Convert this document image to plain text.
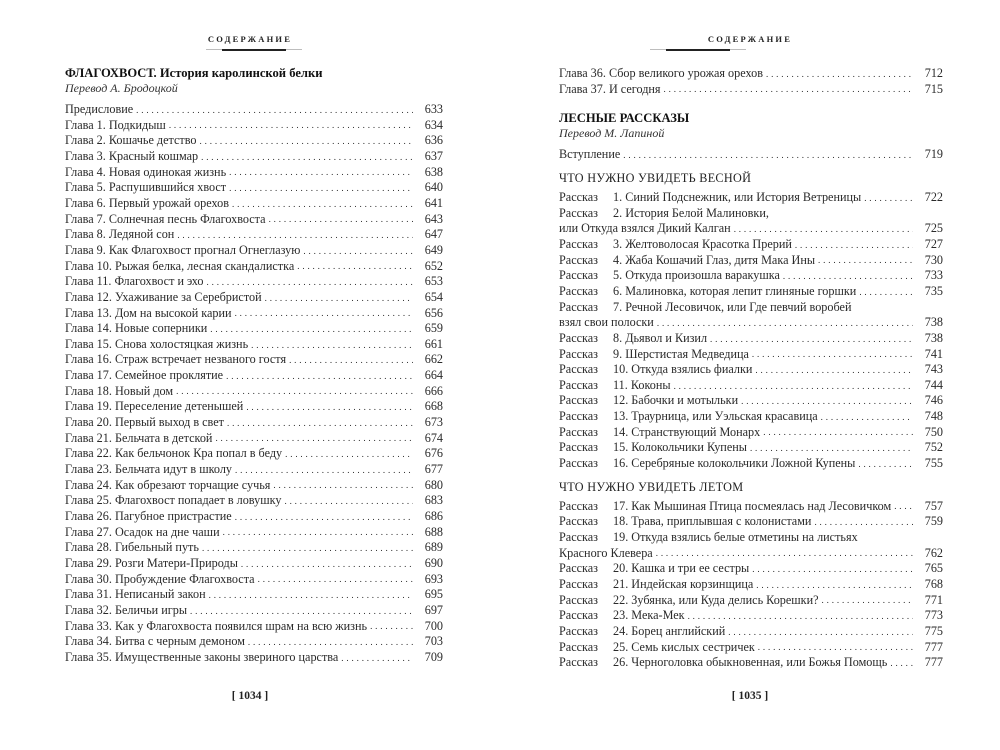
СОДЕРЖАНИЕ
ФЛАГОХВОСТ. История каролинской белки
Перевод А. Бродоцкой
Предисловие . . .	633
Глава 1. Подкидыш . . .	634
Глава 2. Кошачье детство . . .	636
Глава 3. Красный кошмар . . .	637
Глава 4. Новая одинокая жизнь . . .	638
Глава 5. Распушившийся хвост . . .	640
Глава 6. Первый урожай орехов . . .	641
Глава 7. Солнечная песнь Флагохвоста . . .	643
Глава 8. Ледяной сон . . .	647
Глава 9. Как Флагохвост прогнал Огнеглазую . . .	649
Глава 10. Рыжая белка, лесная скандалистка . . .	652
Глава 11. Флагохвост и эхо . . .	653
Глава 12. Ухаживание за Серебристой . . .	654
Глава 13. Дом на высокой карии . . .	656
Глава 14. Новые соперники . . .	659
Глава 15. Снова холостяцкая жизнь . . .	661
Глава 16. Страж встречает незваного гостя . . .	662
Глава 17. Семейное проклятие . . .	664
Глава 18. Новый дом . . .	666
Глава 19. Переселение детенышей . . .	668
Глава 20. Первый выход в свет . . .	673
Глава 21. Бельчата в детской . . .	674
Глава 22. Как бельчонок Кра попал в беду . . .	676
Глава 23. Бельчата идут в школу . . .	677
Глава 24. Как обрезают торчащие сучья . . .	680
Глава 25. Флагохвост попадает в ловушку . . .	683
Глава 26. Пагубное пристрастие . . .	686
Глава 27. Осадок на дне чаши . . .	688
Глава 28. Гибельный путь . . .	689
Глава 29. Розги Матери-Природы . . .	690
Глава 30. Пробуждение Флагохвоста . . .	693
Глава 31. Неписаный закон . . .	695
Глава 32. Беличьи игры . . .	697
Глава 33. Как у Флагохвоста появился шрам на всю жизнь . . .	700
Глава 34. Битва с черным демоном . . .	703
Глава 35. Имущественные законы звериного царства . . .	709
[ 1034 ]
СОДЕРЖАНИЕ
Глава 36. Сбор великого урожая орехов . . .	712
Глава 37. И сегодня . . .	715
ЛЕСНЫЕ РАССКАЗЫ
Перевод М. Лапиной
Вступление . . .	719
ЧТО НУЖНО УВИДЕТЬ ВЕСНОЙ
Рассказ 1. Синий Подснежник, или История Ветреницы . . .	722
Рассказ 2. История Белой Малиновки,
или Откуда взялся Дикий Калган . . .	725
Рассказ 3. Желтоволосая Красотка Прерий . . .	727
Рассказ 4. Жаба Кошачий Глаз, дитя Мака Ины . . .	730
Рассказ 5. Откуда произошла варакушка . . .	733
Рассказ 6. Малиновка, которая лепит глиняные горшки . . .	735
Рассказ 7. Речной Лесовичок, или Где певчий воробей
взял свои полоски . . .	738
Рассказ 8. Дьявол и Кизил . . .	738
Рассказ 9. Шерстистая Медведица . . .	741
Рассказ 10. Откуда взялись фиалки . . .	743
Рассказ 11. Коконы . . .	744
Рассказ 12. Бабочки и мотыльки . . .	746
Рассказ 13. Траурница, или Уэльская красавица . . .	748
Рассказ 14. Странствующий Монарх . . .	750
Рассказ 15. Колокольчики Купены . . .	752
Рассказ 16. Серебряные колокольчики Ложной Купены . . .	755
ЧТО НУЖНО УВИДЕТЬ ЛЕТОМ
Рассказ 17. Как Мышиная Птица посмеялась над Лесовичком . . .	757
Рассказ 18. Трава, приплывшая с колонистами . . .	759
Рассказ 19. Откуда взялись белые отметины на листьях
Красного Клевера . . .	762
Рассказ 20. Кашка и три ее сестры . . .	765
Рассказ 21. Индейская корзинщица . . .	768
Рассказ 22. Зубянка, или Куда делись Корешки? . . .	771
Рассказ 23. Мека-Мек . . .	773
Рассказ 24. Борец английский . . .	775
Рассказ 25. Семь кислых сестричек . . .	777
Рассказ 26. Черноголовка обыкновенная, или Божья Помощь . . .	777
[ 1035 ]
